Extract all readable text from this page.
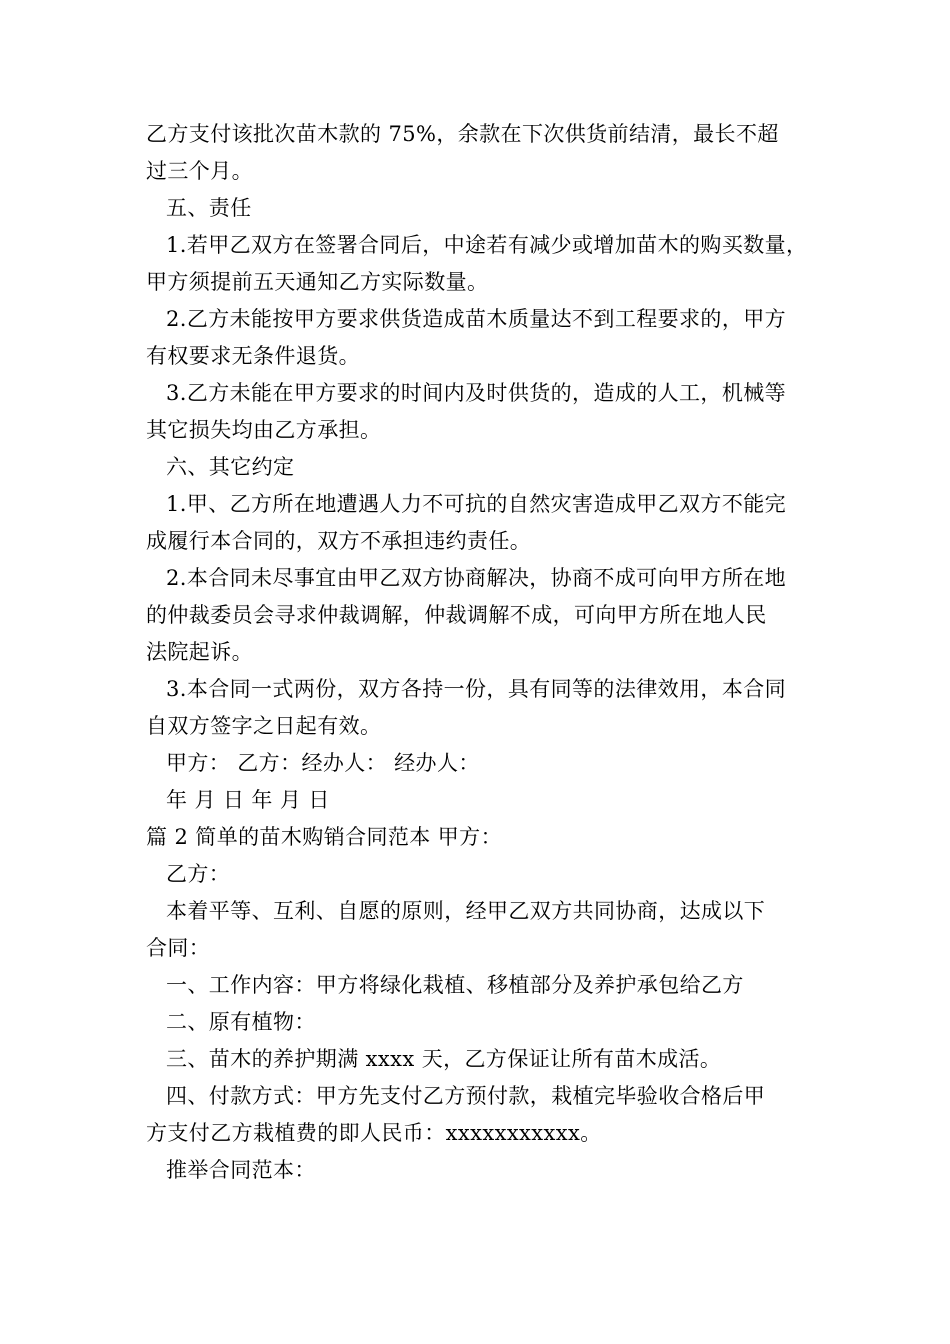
乙方支付该批次苗木款的 75%，余款在下次供货前结清，最长不超
过三个月。
五、责任
1.若甲乙双方在签署合同后，中途若有减少或增加苗木的购买数量，
甲方须提前五天通知乙方实际数量。
2.乙方未能按甲方要求供货造成苗木质量达不到工程要求的，甲方
有权要求无条件退货。
3.乙方未能在甲方要求的时间内及时供货的，造成的人工，机械等
其它损失均由乙方承担。
六、其它约定
1.甲、乙方所在地遭遇人力不可抗的自然灾害造成甲乙双方不能完
成履行本合同的，双方不承担违约责任。
2.本合同未尽事宜由甲乙双方协商解决，协商不成可向甲方所在地
的仲裁委员会寻求仲裁调解，仲裁调解不成，可向甲方所在地人民
法院起诉。
3.本合同一式两份，双方各持一份，具有同等的法律效用，本合同
自双方签字之日起有效。
甲方： 乙方：经办人： 经办人：
年 月 日 年 月 日
篇 2 简单的苗木购销合同范本 甲方：
乙方：
本着平等、互利、自愿的原则，经甲乙双方共同协商，达成以下
合同：
一、工作内容：甲方将绿化栽植、移植部分及养护承包给乙方
二、原有植物：
三、苗木的养护期满 xxxx 天，乙方保证让所有苗木成活。
四、付款方式：甲方先支付乙方预付款，栽植完毕验收合格后甲
方支付乙方栽植费的即人民币：xxxxxxxxxxx。
推举合同范本：
